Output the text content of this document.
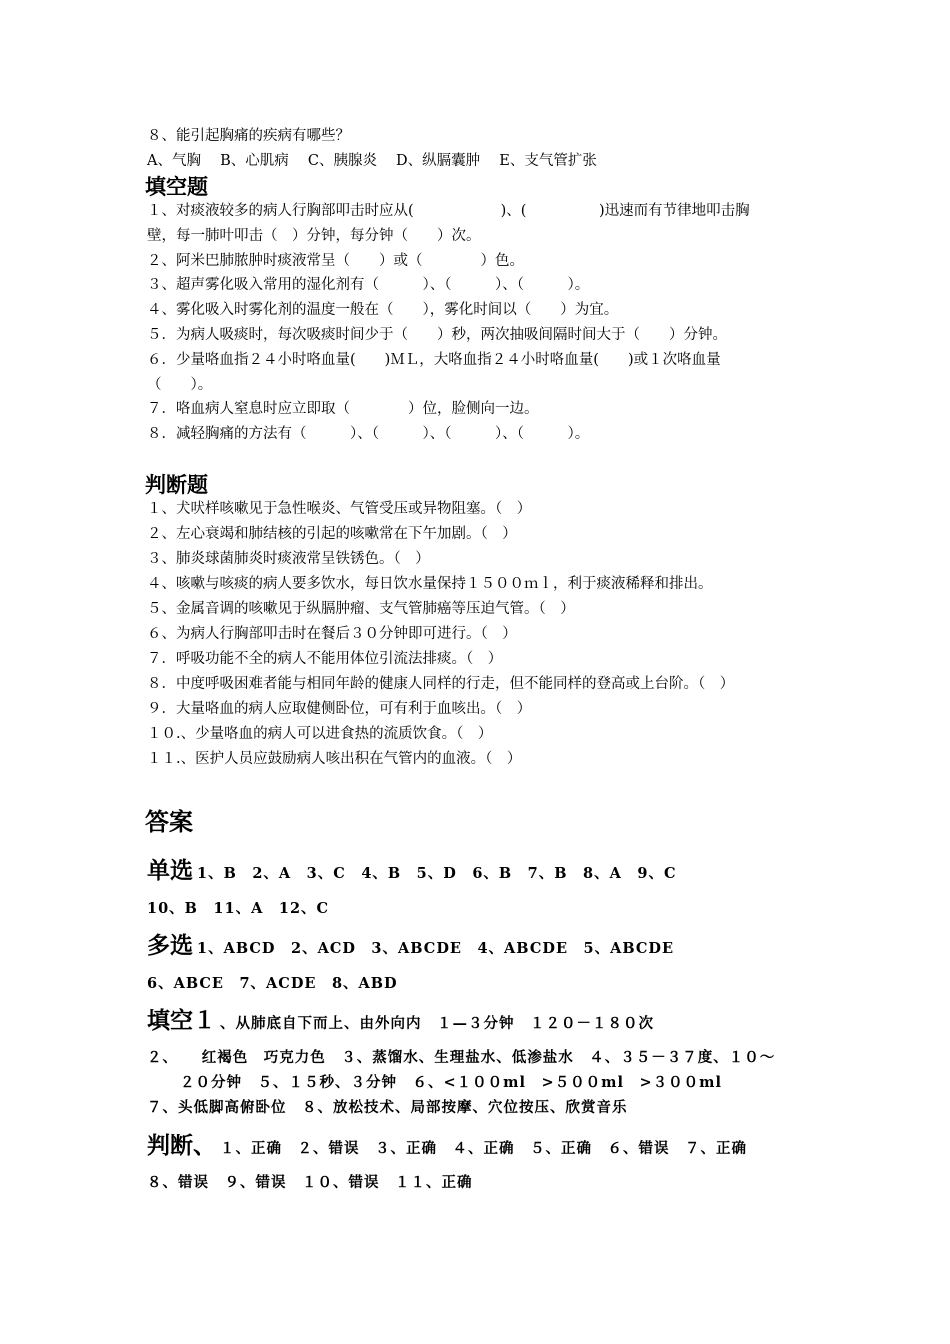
８、能引起胸痛的疾病有哪些？
A、气胸　 B、心肌病　 C、胰腺炎　 D、纵膈囊肿　 E、支气管扩张
填空题
１、对痰液较多的病人行胸部叩击时应从(　　　　　　)、(　　　　　)迅速而有节律地叩击胸
壁，每一肺叶叩击（　）分钟，每分钟（　　）次。
２、阿米巴肺脓肿时痰液常呈（　　）或（　　　　）色。
３、超声雾化吸入常用的湿化剂有（　　　）、（　　　）、（　　　）。
４、雾化吸入时雾化剂的温度一般在（　　），雾化时间以（　　）为宜。
５．为病人吸痰时，每次吸痰时间少于（　　）秒，两次抽吸间隔时间大于（　　）分钟。
６．少量咯血指２４小时咯血量(　　)ＭＬ，大咯血指２４小时咯血量(　　)或１次咯血量
（　　）。
７．咯血病人窒息时应立即取（　　　　）位，脸侧向一边。
８．减轻胸痛的方法有（　　　）、（　　　）、（　　　）、（　　　）。
判断题
１、犬吠样咳嗽见于急性喉炎、气管受压或异物阻塞。（　）
２、左心衰竭和肺结核的引起的咳嗽常在下午加剧。（　）
３、肺炎球菌肺炎时痰液常呈铁锈色。（　）
４、咳嗽与咳痰的病人要多饮水，每日饮水量保持１５００ｍｌ，利于痰液稀释和排出。
５、金属音调的咳嗽见于纵膈肿瘤、支气管肺癌等压迫气管。（　）
６、为病人行胸部叩击时在餐后３０分钟即可进行。（　）
７．呼吸功能不全的病人不能用体位引流法排痰。（　）
８．中度呼吸困难者能与相同年龄的健康人同样的行走，但不能同样的登高或上台阶。（　）
９．大量咯血的病人应取健侧卧位，可有利于血咳出。（　）
１０.、少量咯血的病人可以进食热的流质饮食。（　）
１１.、医护人员应鼓励病人咳出积在气管内的血液。（　）
答案
单选 1、B　2、A　3、C　4、B　5、D　6、B　7、B　8、A　9、C
10、B　11、A　12、C
多选 1、ABCD　2、ACD　3、ABCDE　4、ABCDE　5、ABCDE
6、ABCE　7、ACDE　8、ABD
填空１ 、从肺底自下而上、由外向内　１—３分钟　１２０－１８０次
２、　　红褐色　巧克力色　３、蒸馏水、生理盐水、低渗盐水　４、３５－３７度、１０～
２０分钟　５、１５秒、３分钟　６、<１００ml　>５００ml　>３００ml
７、头低脚高俯卧位　８、放松技术、局部按摩、穴位按压、欣赏音乐
判断、 １、正确　２、错误　３、正确　４、正确　５、正确　６、错误　７、正确
８、错误　９、错误　１０、错误　１１、正确
